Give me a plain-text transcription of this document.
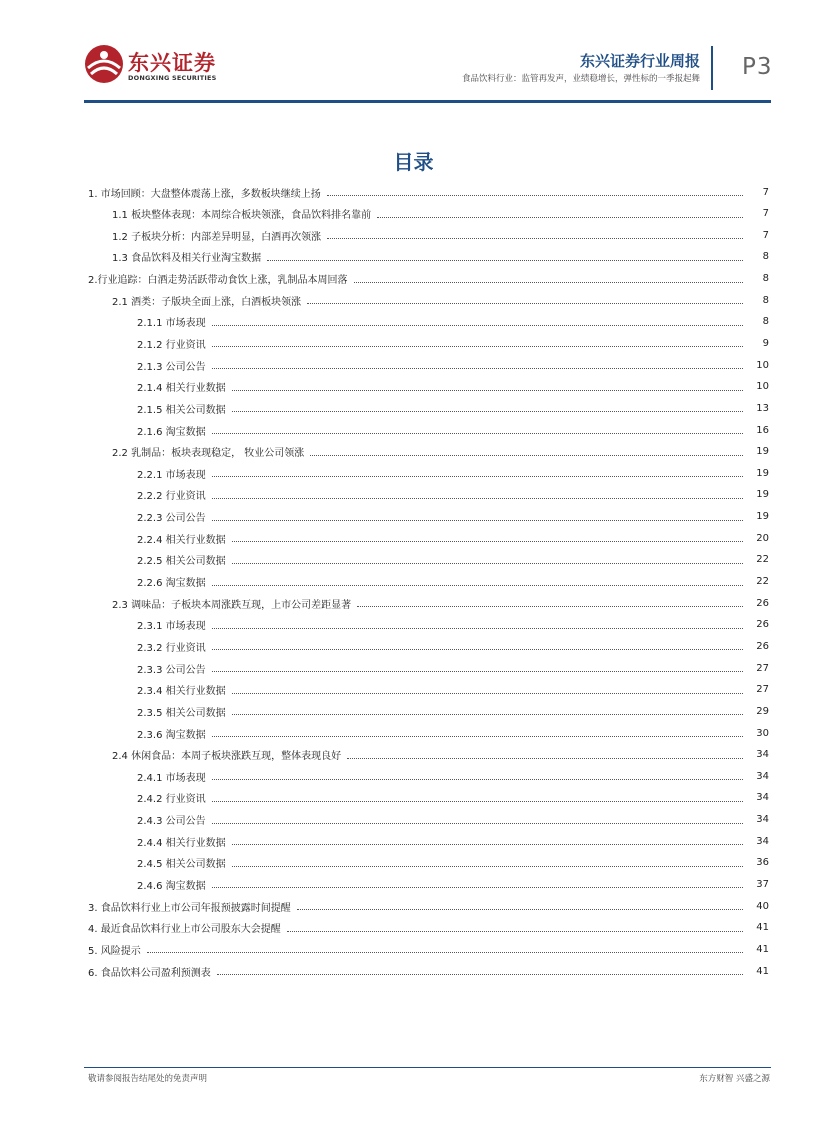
东兴证券
DONGXING SECURITIES
东兴证券行业周报
食品饮料行业：监管再发声，业绩稳增长，弹性标的一季报起舞 P3
目录
1. 市场回顾：大盘整体震荡上涨，多数板块继续上扬	7
1.1 板块整体表现：本周综合板块领涨，食品饮料排名靠前	7
1.2 子板块分析：内部差异明显，白酒再次领涨	7
1.3 食品饮料及相关行业淘宝数据	8
2.行业追踪：白酒走势活跃带动食饮上涨，乳制品本周回落	8
2.1 酒类：子版块全面上涨，白酒板块领涨	8
2.1.1 市场表现	8
2.1.2 行业资讯	9
2.1.3 公司公告	10
2.1.4 相关行业数据	10
2.1.5 相关公司数据	13
2.1.6 淘宝数据	16
2.2 乳制品：板块表现稳定， 牧业公司领涨	19
2.2.1 市场表现	19
2.2.2 行业资讯	19
2.2.3 公司公告	19
2.2.4 相关行业数据	20
2.2.5 相关公司数据	22
2.2.6 淘宝数据	22
2.3 调味品：子板块本周涨跌互现，上市公司差距显著	26
2.3.1 市场表现	26
2.3.2 行业资讯	26
2.3.3 公司公告	27
2.3.4 相关行业数据	27
2.3.5 相关公司数据	29
2.3.6 淘宝数据	30
2.4 休闲食品：本周子板块涨跌互现，整体表现良好	34
2.4.1 市场表现	34
2.4.2 行业资讯	34
2.4.3 公司公告	34
2.4.4 相关行业数据	34
2.4.5 相关公司数据	36
2.4.6 淘宝数据	37
3. 食品饮料行业上市公司年报预披露时间提醒	40
4. 最近食品饮料行业上市公司股东大会提醒	41
5. 风险提示	41
6. 食品饮料公司盈利预测表	41
敬请参阅报告结尾处的免责声明	东方财智 兴盛之源
